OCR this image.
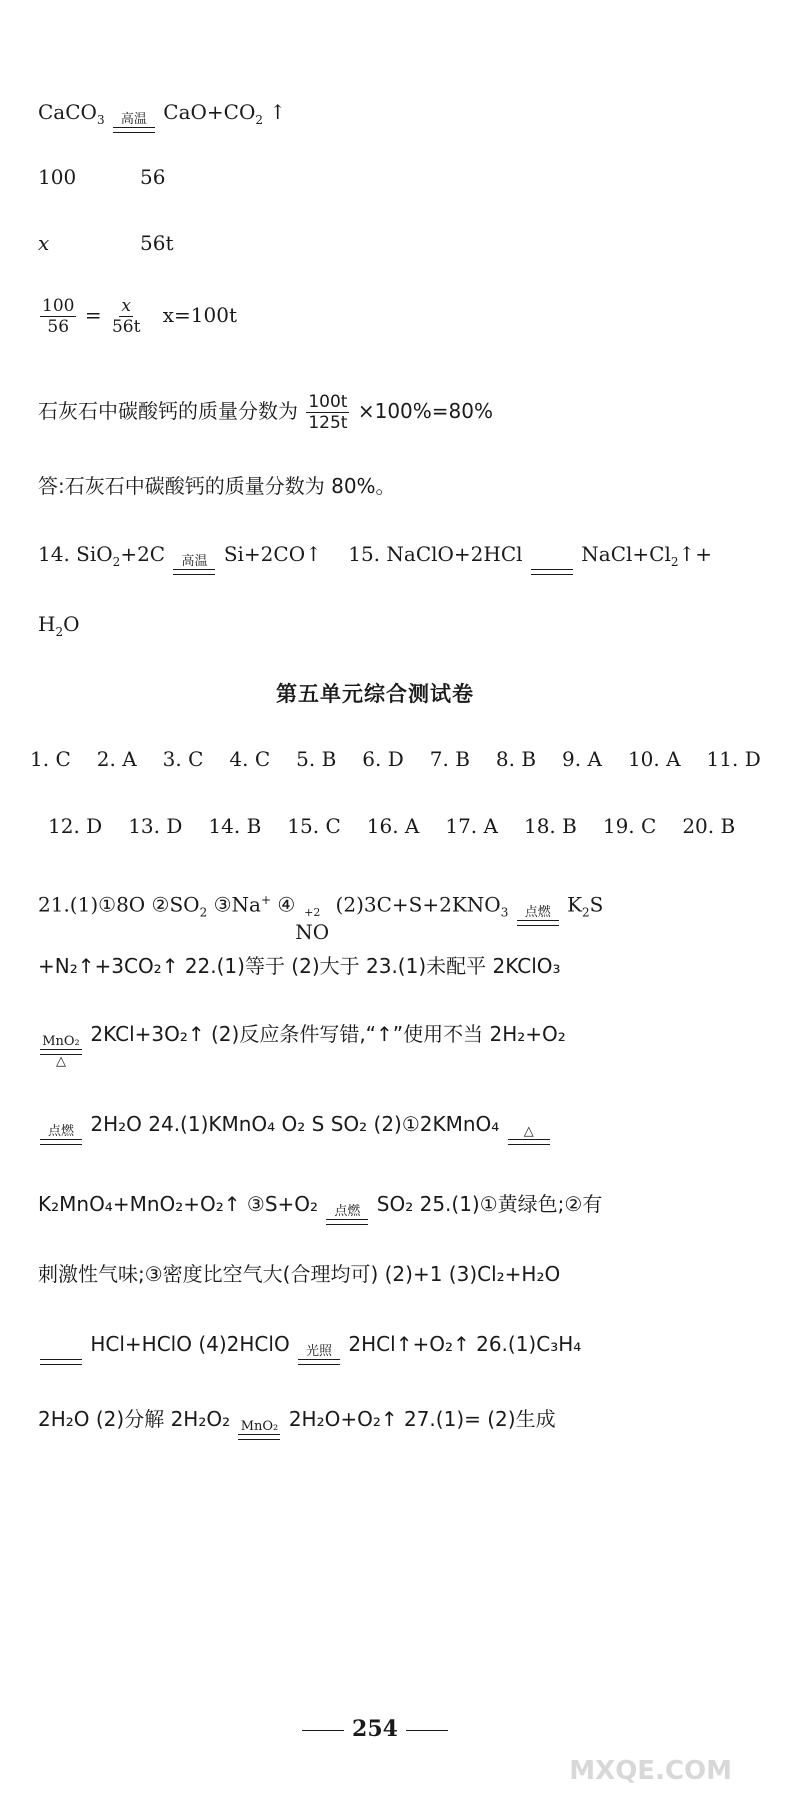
CaCO$_3$ 高温 $CaO+CO_2$ ↑
100	56
x	56t
$\frac{100}{56} = \frac{x}{56t} x=100t$
石灰石中碳酸钙的质量分数为 $\frac{100t}{125t} \times 100\%=80\%$
答:石灰石中碳酸钙的质量分数为 80%。
14. SiO$_2$+2C 高温 Si+2CO↑ 15. NaClO+2HCl
	$NaCl+Cl_2↑+$
$H_2O$
第五单元综合测试卷
1. C 2. A 3. C 4. C 5. B 6. D 7. B 8. B 9. A 10. A 11. D
12. D 13. D 14. B 15. C 16. A 17. A 18. B 19. C 20. B
21.(1)①8O $②SO_2$ ③Na+ ④ +2
NO
$(2)3C+S+2KNO_3$ 点燃 $K_2S$
+N₂↑+3CO₂↑ 22.(1)等于 (2)大于 23.(1)未配平 2KClO₃
MnO₂
△
2KCl+3O₂↑ (2)反应条件写错,“↑”使用不当 2H₂+O₂
点燃 2H₂O 24.(1)KMnO₄ O₂ S SO₂ (2)①2KMnO₄ △
K₂MnO₄+MnO₂+O₂↑ ③S+O₂ 点燃 SO₂ 25.(1)①黄绿色;②有
刺激性气味;③密度比空气大(合理均可) (2)+1 (3)Cl₂+H₂O

HCl+HClO (4)2HClO 光照 2HCl↑+O₂↑ 26.(1)C₃H₄
2H₂O (2)分解 2H₂O₂ MnO₂ 2H₂O+O₂↑ 27.(1)= (2)生成
254
MXQE.COM
